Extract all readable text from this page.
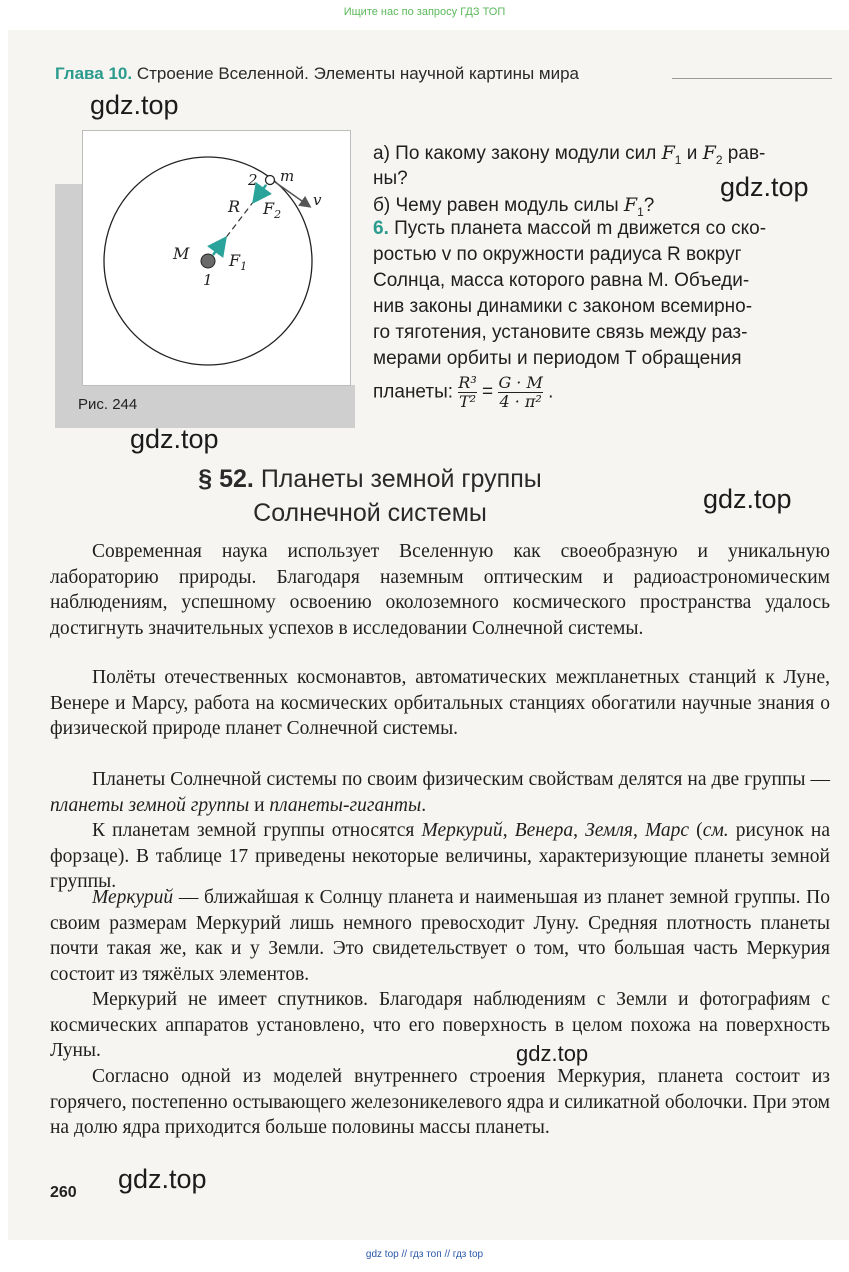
Ищите нас по запросу ГДЗ ТОП
Глава 10. Строение Вселенной. Элементы научной картины мира
M
1
$F_1$
R $F_2$
2 m
v
Рис. 244
а) По какому закону модули сил $F_1$ и $F_2$ рав-
ны?
б) Чему равен модуль силы $F_1$?
6. Пусть планета массой m движется со ско-
ростью v по окружности радиуса R вокруг
Солнца, масса которого равна M. Объеди-
нив законы динамики с законом всемирно-
го тяготения, установите связь между раз-
мерами орбиты и периодом T обращения
планеты: $\frac{\text{R³}}{\text{T²}} = \frac{G \cdot M}{\text{4 · π²}}$ .
§ 52. Планеты земной группы
Солнечной системы
Современная наука использует Вселенную как своеобразную и уникальную лабораторию природы. Благодаря наземным оптическим и радиоастрономическим наблюдениям, успешному освоению околоземного космического пространства удалось достигнуть значительных успехов в исследовании Солнечной системы.
Полёты отечественных космонавтов, автоматических межпланетных станций к Луне, Венере и Марсу, работа на космических орбитальных станциях обогатили научные знания о физической природе планет Солнечной системы.
Планеты Солнечной системы по своим физическим свойствам делятся на две группы — планеты земной группы и планеты-гиганты.
К планетам земной группы относятся Меркурий, Венера, Земля, Марс (см. рисунок на форзаце). В таблице 17 приведены некоторые величины, характеризующие планеты земной группы.
Меркурий — ближайшая к Солнцу планета и наименьшая из планет земной группы. По своим размерам Меркурий лишь немного превосходит Луну. Средняя плотность планеты почти такая же, как и у Земли. Это свидетельствует о том, что большая часть Меркурия состоит из тяжёлых элементов.
Меркурий не имеет спутников. Благодаря наблюдениям с Земли и фотографиям с космических аппаратов установлено, что его поверхность в целом похожа на поверхность Луны.
Согласно одной из моделей внутреннего строения Меркурия, планета состоит из горячего, постепенно остывающего железоникелевого ядра и силикатной оболочки. При этом на долю ядра приходится больше половины массы планеты.
260
gdz.top
gdz.top
gdz.top
gdz.top
gdz.top
gdz.top
gdz top // гдз топ // гдз top
